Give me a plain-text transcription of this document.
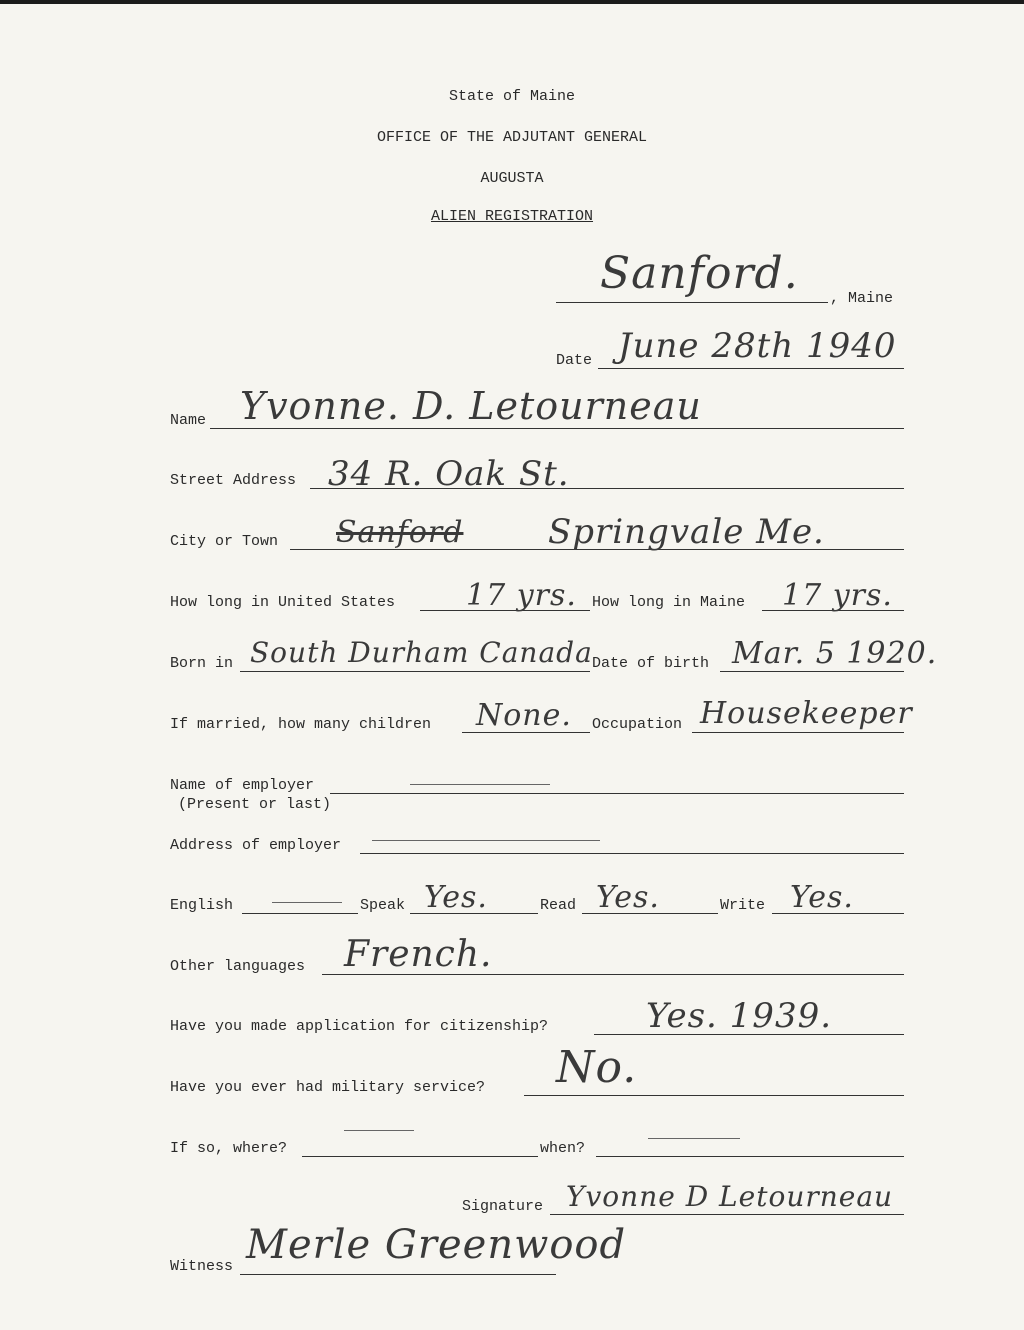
State of Maine
OFFICE OF THE ADJUTANT GENERAL
AUGUSTA
ALIEN REGISTRATION
Sanford. , Maine
Date June 28th 1940
Name Yvonne. D. Letourneau
Street Address 34 R. Oak St.
City or Town Sanford Springvale Me.
How long in United States 17 yrs. How long in Maine 17 yrs.
Born in South Durham Canada Date of birth Mar. 5 1920.
If married, how many children None. Occupation Housekeeper
Name of employer
(Present or last)
Address of employer
English	Speak Yes.	Read Yes.	Write Yes.
Other languages French.
Have you made application for citizenship?	Yes. 1939.
Have you ever had military service? No.
If so, where?	when?
Signature Yvonne D Letourneau
Witness Merle Greenwood
